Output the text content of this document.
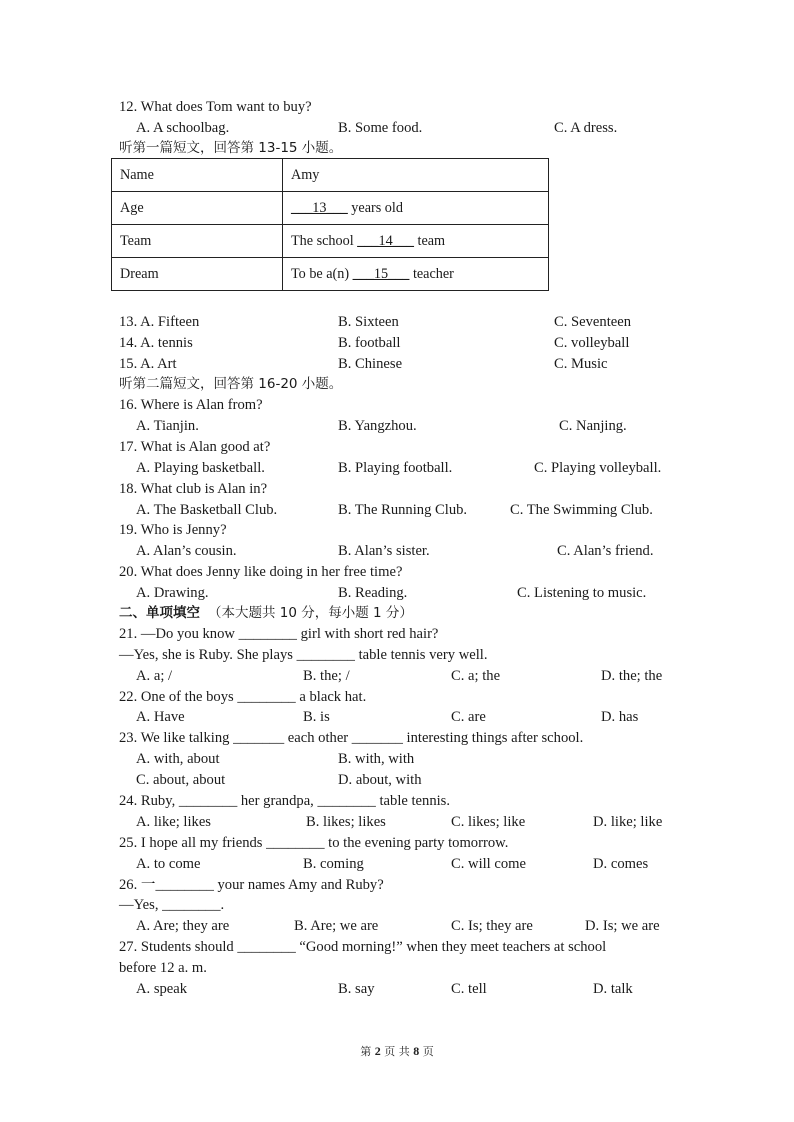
12. What does Tom want to buy?
A. A schoolbag.	B. Some food.	C. A dress.
听第一篇短文，回答第 13-15 小题。
Name	Amy
Age	___13___ years old
Team	The school ___14___ team
Dream	To be a(n) ___15___ teacher
13. A. Fifteen	B. Sixteen	C. Seventeen
14. A. tennis	B. football	C. volleyball
15. A. Art	B. Chinese	C. Music
听第二篇短文，回答第 16-20 小题。
16. Where is Alan from?
A. Tianjin.	B. Yangzhou.	C. Nanjing.
17. What is Alan good at?
A. Playing basketball.	B. Playing football.	C. Playing volleyball.
18. What club is Alan in?
A. The Basketball Club.	B. The Running Club.	C. The Swimming Club.
19. Who is Jenny?
A. Alan’s cousin.	B. Alan’s sister.	C. Alan’s friend.
20. What does Jenny like doing in her free time?
A. Drawing.	B. Reading.	C. Listening to music.
二、单项填空 （本大题共 10 分，每小题 1 分）
21. —Do you know ________ girl with short red hair?
—Yes, she is Ruby. She plays ________ table tennis very well.
A. a; /	B. the; /	C. a; the	D. the; the
22. One of the boys ________ a black hat.
A. Have	B. is	C. are	D. has
23. We like talking _______ each other _______ interesting things after school.
A. with, about	B. with, with
C. about, about	D. about, with
24. Ruby, ________ her grandpa, ________ table tennis.
A. like; likes	B. likes; likes	C. likes; like	D. like; like
25. I hope all my friends ________ to the evening party tomorrow.
A. to come	B. coming	C. will come	D. comes
26. 一________ your names Amy and Ruby?
—Yes, ________.
A. Are; they are	B. Are; we are	C. Is; they are	D. Is; we are
27. Students should ________ “Good morning!” when they meet teachers at school
before 12 a. m.
A. speak	B. say	C. tell	D. talk
第 2 页 共 8 页
